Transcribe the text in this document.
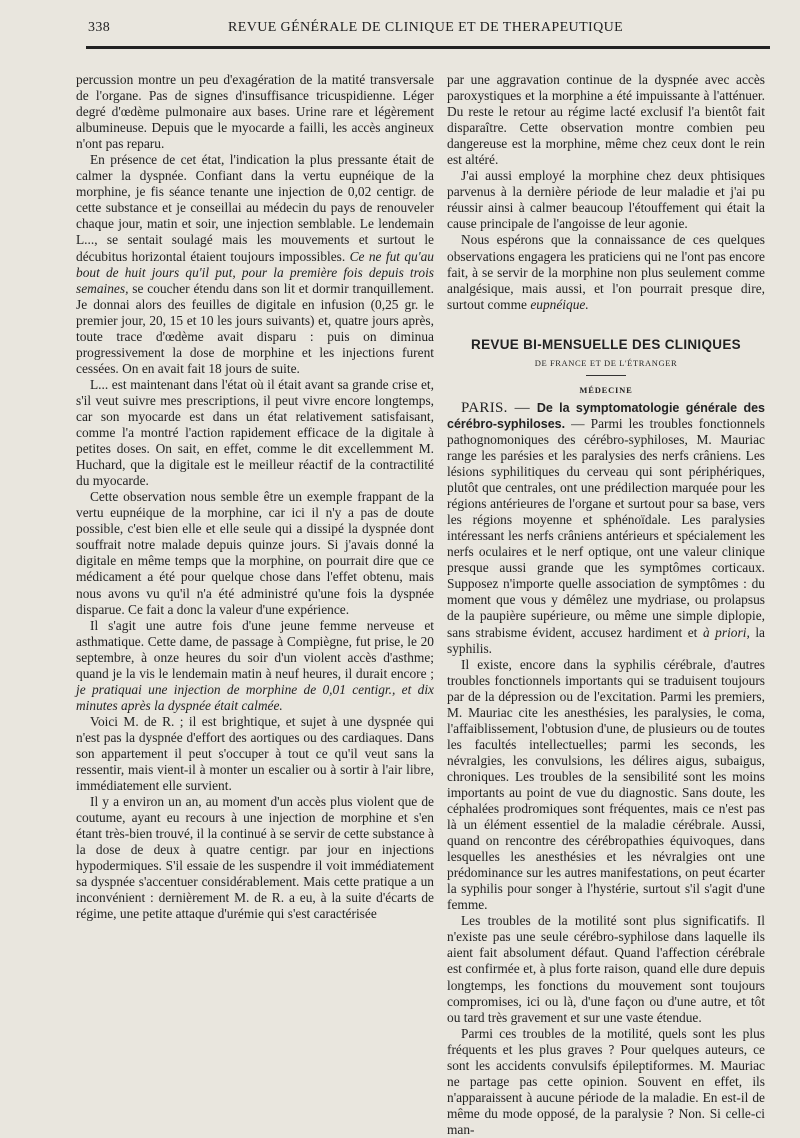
338	REVUE GÉNÉRALE DE CLINIQUE ET DE THERAPEUTIQUE

percussion montre un peu d'exagération de la matité transversale de l'organe. Pas de signes d'insuffisance tricuspidienne. Léger degré d'œdème pulmonaire aux bases. Urine rare et légèrement albumineuse. Depuis que le myocarde a failli, les accès angineux n'ont pas reparu.

En présence de cet état, l'indication la plus pressante était de calmer la dyspnée. Confiant dans la vertu eupnéique de la morphine, je fis séance tenante une injection de 0,02 centigr. de cette substance et je conseillai au médecin du pays de renouveler chaque jour, matin et soir, une injection semblable. Le lendemain L..., se sentait soulagé mais les mouvements et surtout le décubitus horizontal étaient toujours impossibles. Ce ne fut qu'au bout de huit jours qu'il put, pour la première fois depuis trois semaines, se coucher étendu dans son lit et dormir tranquillement. Je donnai alors des feuilles de digitale en infusion (0,25 gr. le premier jour, 20, 15 et 10 les jours suivants) et, quatre jours après, toute trace d'œdème avait disparu : puis on diminua progressivement la dose de morphine et les injections furent cessées. On en avait fait 18 jours de suite.

L... est maintenant dans l'état où il était avant sa grande crise et, s'il veut suivre mes prescriptions, il peut vivre encore longtemps, car son myocarde est dans un état relativement satisfaisant, comme l'a montré l'action rapidement efficace de la digitale à petites doses. On sait, en effet, comme le dit excellemment M. Huchard, que la digitale est le meilleur réactif de la contractilité du myocarde.

Cette observation nous semble être un exemple frappant de la vertu eupnéique de la morphine, car ici il n'y a pas de doute possible, c'est bien elle et elle seule qui a dissipé la dyspnée dont souffrait notre malade depuis quinze jours. Si j'avais donné la digitale en même temps que la morphine, on pourrait dire que ce médicament a été pour quelque chose dans l'effet obtenu, mais nous avons vu qu'il n'a été administré qu'une fois la dyspnée disparue. Ce fait a donc la valeur d'une expérience.

Il s'agit une autre fois d'une jeune femme nerveuse et asthmatique. Cette dame, de passage à Compiègne, fut prise, le 20 septembre, à onze heures du soir d'un violent accès d'asthme; quand je la vis le lendemain matin à neuf heures, il durait encore ; je pratiquai une injection de morphine de 0,01 centigr., et dix minutes après la dyspnée était calmée.

Voici M. de R. ; il est brightique, et sujet à une dyspnée qui n'est pas la dyspnée d'effort des aortiques ou des cardiaques. Dans son appartement il peut s'occuper à tout ce qu'il veut sans la ressentir, mais vient-il à monter un escalier ou à sortir à l'air libre, immédiatement elle survient.

Il y a environ un an, au moment d'un accès plus violent que de coutume, ayant eu recours à une injection de morphine et s'en étant très-bien trouvé, il la continué à se servir de cette substance à la dose de deux à quatre centigr. par jour en injections hypodermiques. S'il essaie de les suspendre il voit immédiatement sa dyspnée s'accentuer considérablement. Mais cette pratique a un inconvénient : dernièrement M. de R. a eu, à la suite d'écarts de régime, une petite attaque d'urémie qui s'est caractérisée

par une aggravation continue de la dyspnée avec accès paroxystiques et la morphine a été impuissante à l'atténuer. Du reste le retour au régime lacté exclusif l'a bientôt fait disparaître. Cette observation montre combien peu dangereuse est la morphine, même chez ceux dont le rein est altéré.

J'ai aussi employé la morphine chez deux phtisiques parvenus à la dernière période de leur maladie et j'ai pu réussir ainsi à calmer beaucoup l'étouffement qui était la cause principale de l'angoisse de leur agonie.

Nous espérons que la connaissance de ces quelques observations engagera les praticiens qui ne l'ont pas encore fait, à se servir de la morphine non plus seulement comme analgésique, mais aussi, et l'on pourrait presque dire, surtout comme eupnéique.

REVUE BI-MENSUELLE DES CLINIQUES
DE FRANCE ET DE L'ÉTRANGER
MÉDECINE

PARIS. — De la symptomatologie générale des cérébro-syphiloses. — Parmi les troubles fonctionnels pathognomoniques des cérébro-syphiloses, M. Mauriac range les parésies et les paralysies des nerfs crâniens. Les lésions syphilitiques du cerveau qui sont périphériques, plutôt que centrales, ont une prédilection marquée pour les régions antérieures de l'organe et surtout pour sa base, vers les régions moyenne et sphénoïdale. Les paralysies intéressant les nerfs crâniens antérieurs et spécialement les nerfs oculaires et le nerf optique, ont une valeur clinique presque aussi grande que les symptômes corticaux. Supposez n'importe quelle association de symptômes : du moment que vous y démêlez une mydriase, ou prolapsus de la paupière supérieure, ou même une simple diplopie, sans strabisme évident, accusez hardiment et à priori, la syphilis.

Il existe, encore dans la syphilis cérébrale, d'autres troubles fonctionnels importants qui se traduisent toujours par de la dépression ou de l'excitation. Parmi les premiers, M. Mauriac cite les anesthésies, les paralysies, le coma, l'affaiblissement, l'obtusion d'une, de plusieurs ou de toutes les facultés intellectuelles; parmi les seconds, les névralgies, les convulsions, les délires aigus, subaigus, chroniques. Les troubles de la sensibilité sont les moins importants au point de vue du diagnostic. Sans doute, les céphalées prodromiques sont fréquentes, mais ce n'est pas là un élément essentiel de la maladie cérébrale. Aussi, quand on rencontre des cérébropathies équivoques, dans lesquelles les anesthésies et les névralgies ont une prédominance sur les autres manifestations, on peut écarter la syphilis pour songer à l'hystérie, surtout s'il s'agit d'une femme.

Les troubles de la motilité sont plus significatifs. Il n'existe pas une seule cérébro-syphilose dans laquelle ils aient fait absolument défaut. Quand l'affection cérébrale est confirmée et, à plus forte raison, quand elle dure depuis longtemps, les fonctions du mouvement sont toujours compromises, ici ou là, d'une façon ou d'une autre, et tôt ou tard très gravement et sur une vaste étendue.

Parmi ces troubles de la motilité, quels sont les plus fréquents et les plus graves ? Pour quelques auteurs, ce sont les accidents convulsifs épileptiformes. M. Mauriac ne partage pas cette opinion. Souvent en effet, ils n'apparaissent à aucune période de la maladie. En est-il de même du mode opposé, de la paralysie ? Non. Si celle-ci man-
